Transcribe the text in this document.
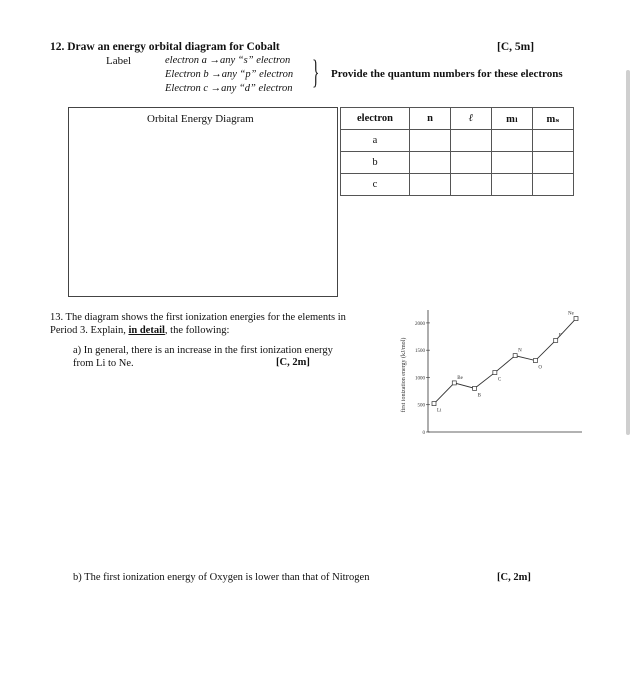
12. Draw an energy orbital diagram for Cobalt	[C, 5m]
Label	electron a →any “s” electron
Electron b →any “p” electron
Electron c →any “d” electron } Provide the quantum numbers for these electrons
Orbital Energy Diagram	electron	n	ℓ	mₗ	mₛ
a				
b				
c				
13. The diagram shows the first ionization energies for the elements in Period 3. Explain, in detail, the following:
a) In general, there is an increase in the first ionization energy from Li to Ne.	[C, 2m]	first ionization energy (kJ/mol)
0
500
1000
1500
2000
Li
Be
B
C
N
O
F
Ne
b) The first ionization energy of Oxygen is lower than that of Nitrogen	[C, 2m]
